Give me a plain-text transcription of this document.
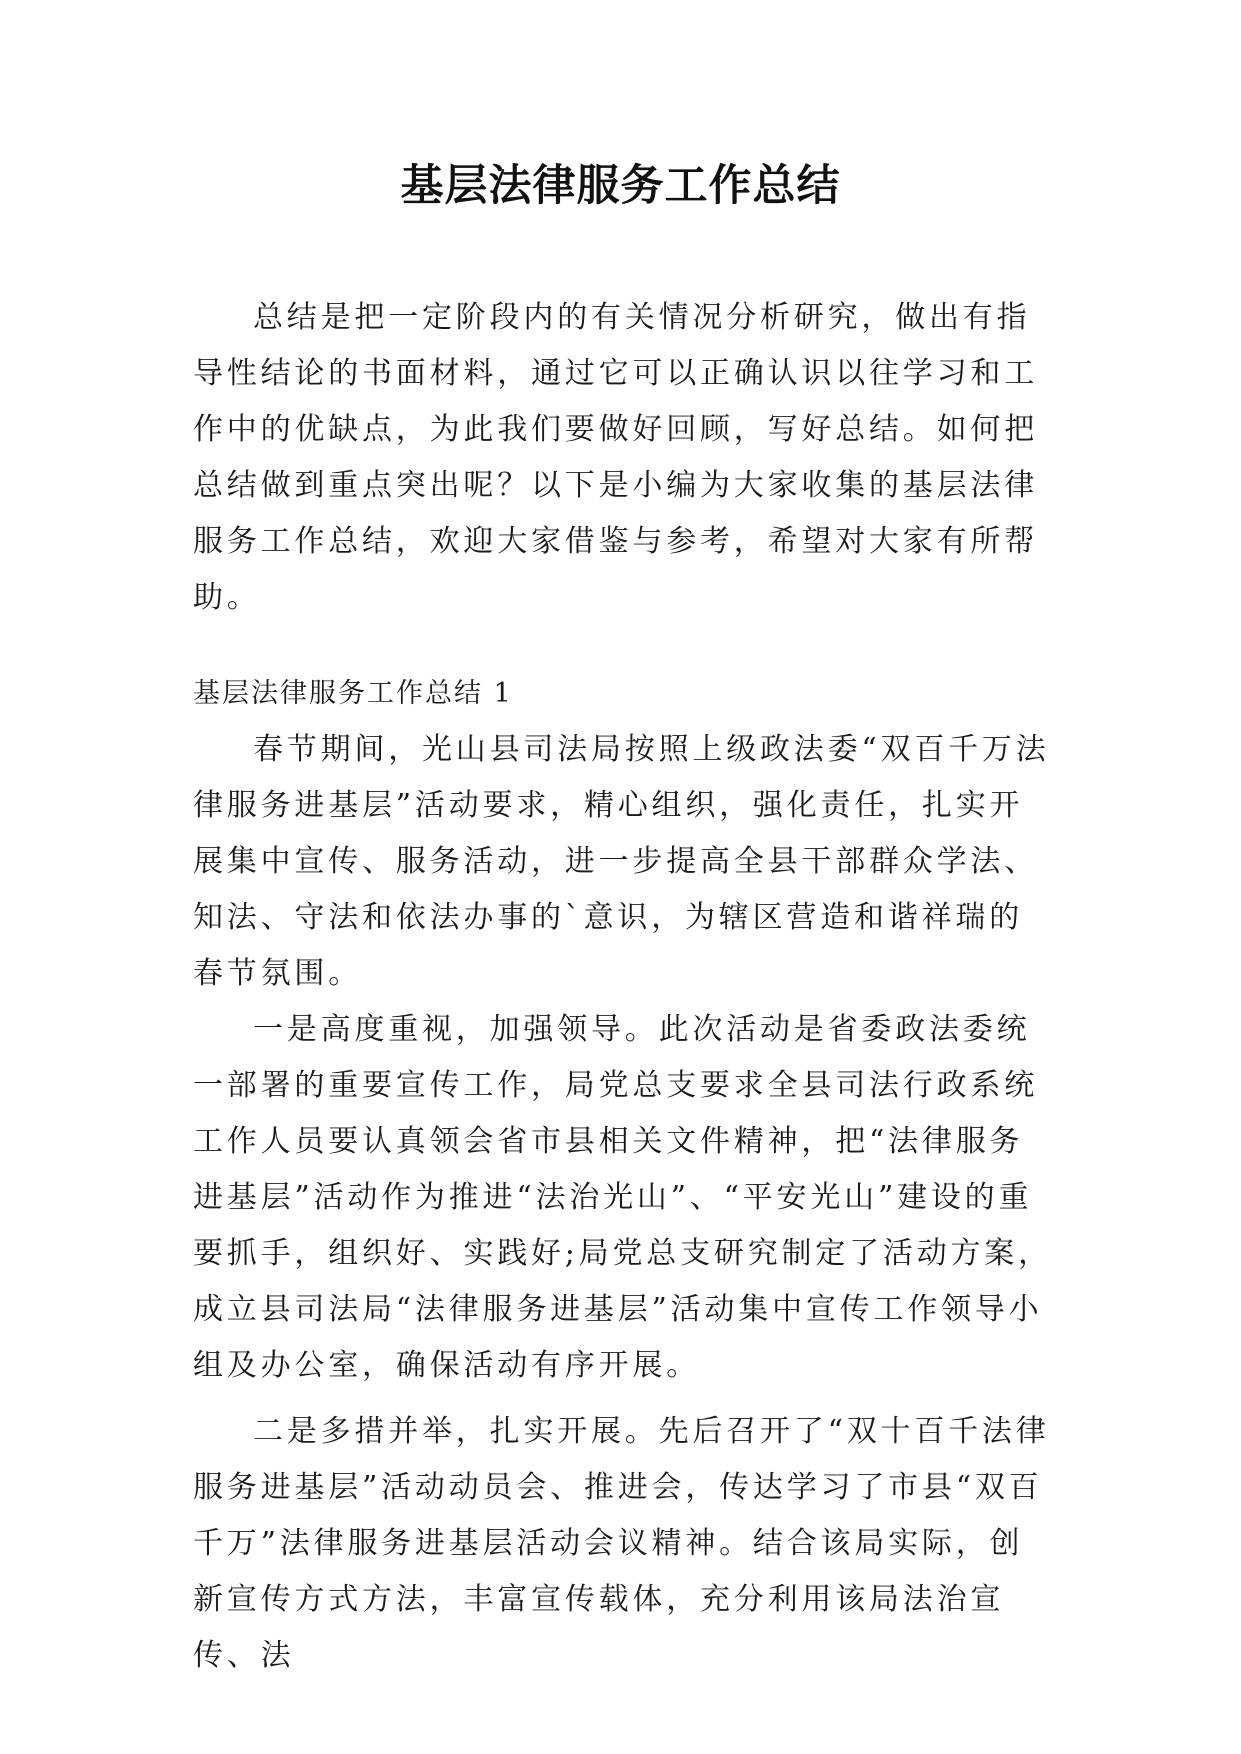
基层法律服务工作总结

总结是把一定阶段内的有关情况分析研究，做出有指导性结论的书面材料，通过它可以正确认识以往学习和工作中的优缺点，为此我们要做好回顾，写好总结。如何把总结做到重点突出呢？以下是小编为大家收集的基层法律服务工作总结，欢迎大家借鉴与参考，希望对大家有所帮助。

基层法律服务工作总结 1

春节期间，光山县司法局按照上级政法委“双百千万法律服务进基层”活动要求，精心组织，强化责任，扎实开展集中宣传、服务活动，进一步提高全县干部群众学法、知法、守法和依法办事的`意识，为辖区营造和谐祥瑞的春节氛围。

一是高度重视，加强领导。此次活动是省委政法委统一部署的重要宣传工作，局党总支要求全县司法行政系统工作人员要认真领会省市县相关文件精神，把“法律服务进基层”活动作为推进“法治光山”、“平安光山”建设的重要抓手，组织好、实践好;局党总支研究制定了活动方案，成立县司法局“法律服务进基层”活动集中宣传工作领导小组及办公室，确保活动有序开展。

二是多措并举，扎实开展。先后召开了“双十百千法律服务进基层”活动动员会、推进会，传达学习了市县“双百千万”法律服务进基层活动会议精神。结合该局实际，创新宣传方式方法，丰富宣传载体，充分利用该局法治宣传、法
